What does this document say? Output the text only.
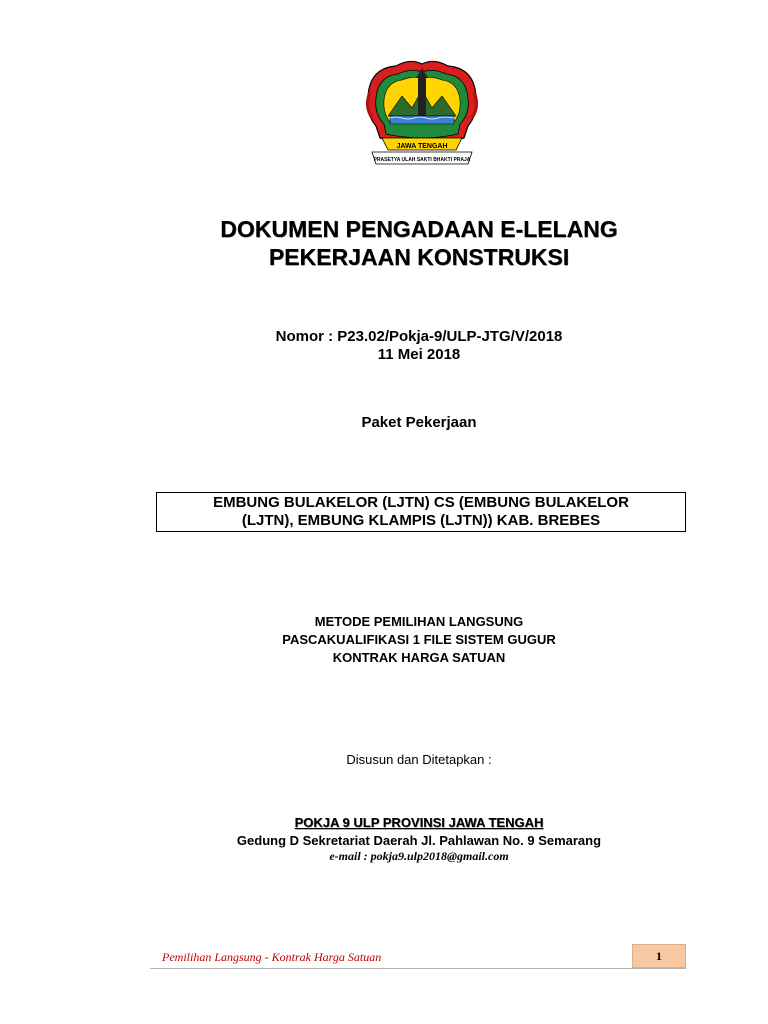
JAWA TENGAH
PRASETYA ULAH SAKTI BHAKTI PRAJA
DOKUMEN PENGADAAN E-LELANG
PEKERJAAN KONSTRUKSI
Nomor : P23.02/Pokja-9/ULP-JTG/V/2018
11 Mei 2018
Paket Pekerjaan
EMBUNG BULAKELOR (LJTN) CS (EMBUNG BULAKELOR
(LJTN), EMBUNG KLAMPIS (LJTN)) KAB. BREBES
METODE PEMILIHAN LANGSUNG
PASCAKUALIFIKASI 1 FILE SISTEM GUGUR
KONTRAK HARGA SATUAN
Disusun dan Ditetapkan :
POKJA 9 ULP PROVINSI JAWA TENGAH
Gedung D Sekretariat Daerah Jl. Pahlawan No. 9 Semarang
e-mail : pokja9.ulp2018@gmail.com
Pemilihan Langsung - Kontrak Harga Satuan	1
